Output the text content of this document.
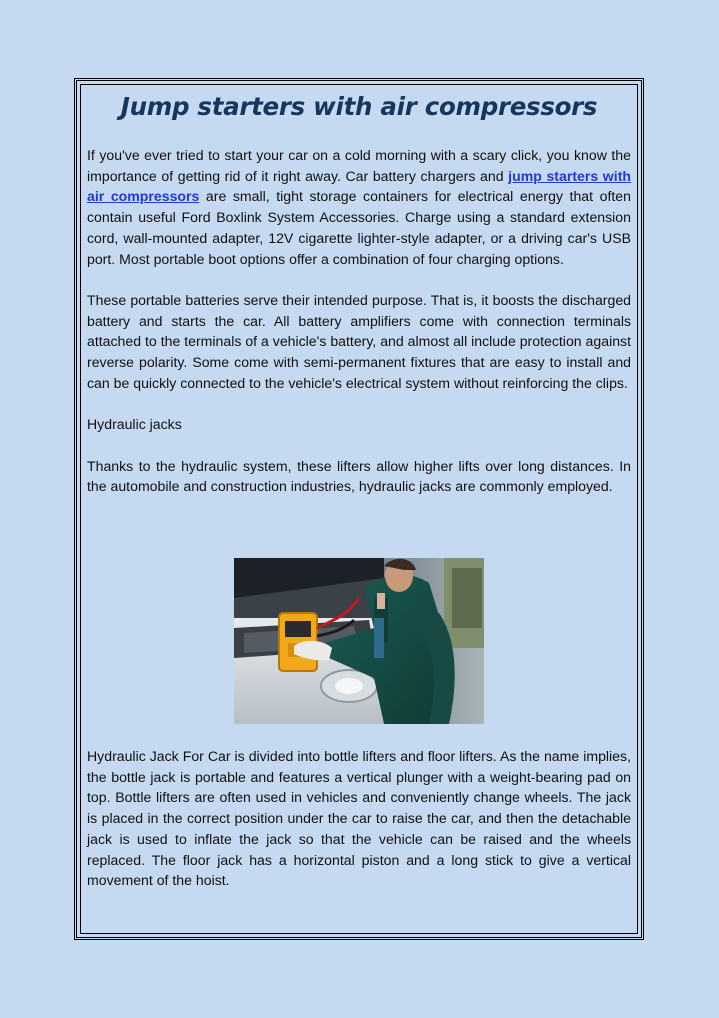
Jump starters with air compressors

If you've ever tried to start your car on a cold morning with a scary click, you know the importance of getting rid of it right away. Car battery chargers and jump starters with air compressors are small, tight storage containers for electrical energy that often contain useful Ford Boxlink System Accessories. Charge using a standard extension cord, wall-mounted adapter, 12V cigarette lighter-style adapter, or a driving car's USB port. Most portable boot options offer a combination of four charging options.

These portable batteries serve their intended purpose. That is, it boosts the discharged battery and starts the car. All battery amplifiers come with connection terminals attached to the terminals of a vehicle's battery, and almost all include protection against reverse polarity. Some come with semi-permanent fixtures that are easy to install and can be quickly connected to the vehicle's electrical system without reinforcing the clips.

Hydraulic jacks

Thanks to the hydraulic system, these lifters allow higher lifts over long distances. In the automobile and construction industries, hydraulic jacks are commonly employed.

Hydraulic Jack For Car is divided into bottle lifters and floor lifters. As the name implies, the bottle jack is portable and features a vertical plunger with a weight-bearing pad on top. Bottle lifters are often used in vehicles and conveniently change wheels. The jack is placed in the correct position under the car to raise the car, and then the detachable jack is used to inflate the jack so that the vehicle can be raised and the wheels replaced. The floor jack has a horizontal piston and a long stick to give a vertical movement of the hoist.
